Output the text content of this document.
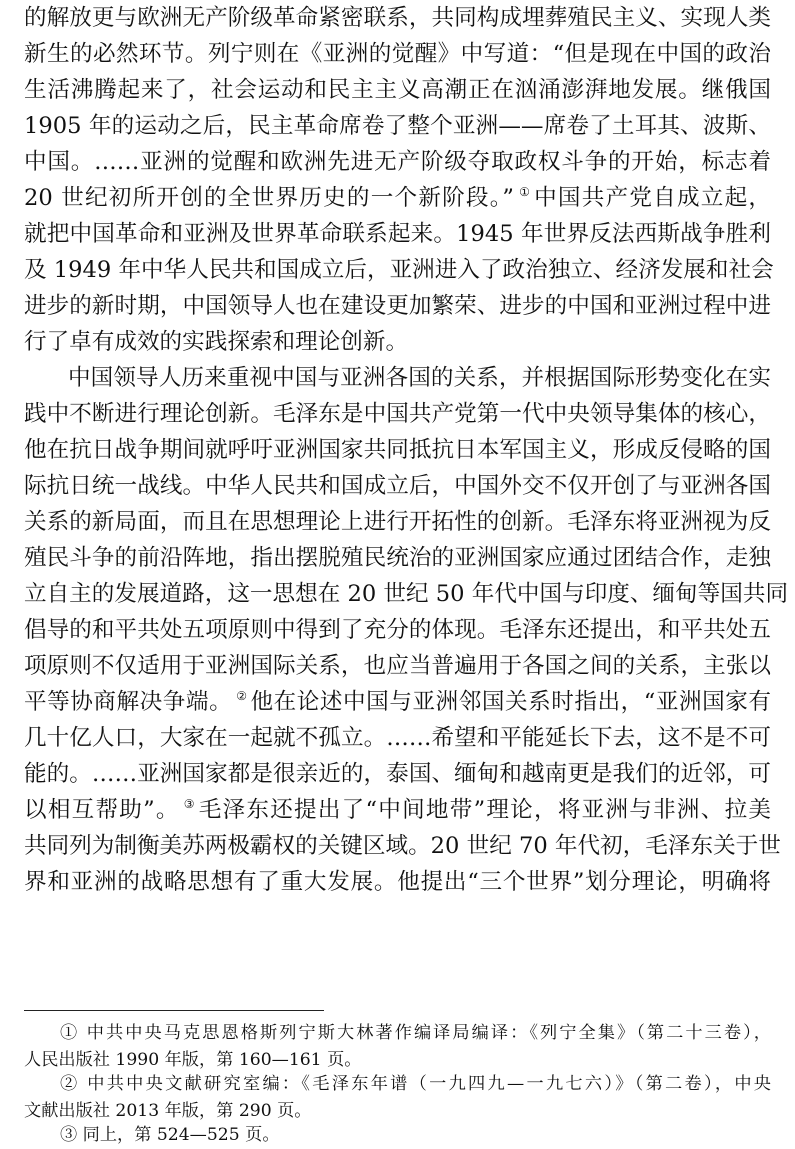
的解放更与欧洲无产阶级革命紧密联系，共同构成埋葬殖民主义、实现人类
新生的必然环节。列宁则在《亚洲的觉醒》中写道：“但是现在中国的政治
生活沸腾起来了，社会运动和民主主义高潮正在汹涌澎湃地发展。继俄国
1905 年的运动之后，民主革命席卷了整个亚洲——席卷了土耳其、波斯、
中国。……亚洲的觉醒和欧洲先进无产阶级夺取政权斗争的开始，标志着
20 世纪初所开创的全世界历史的一个新阶段。” ① 中国共产党自成立起，
就把中国革命和亚洲及世界革命联系起来。1945 年世界反法西斯战争胜利
及 1949 年中华人民共和国成立后，亚洲进入了政治独立、经济发展和社会
进步的新时期，中国领导人也在建设更加繁荣、进步的中国和亚洲过程中进
行了卓有成效的实践探索和理论创新。
中国领导人历来重视中国与亚洲各国的关系，并根据国际形势变化在实
践中不断进行理论创新。毛泽东是中国共产党第一代中央领导集体的核心，
他在抗日战争期间就呼吁亚洲国家共同抵抗日本军国主义，形成反侵略的国
际抗日统一战线。中华人民共和国成立后，中国外交不仅开创了与亚洲各国
关系的新局面，而且在思想理论上进行开拓性的创新。毛泽东将亚洲视为反
殖民斗争的前沿阵地，指出摆脱殖民统治的亚洲国家应通过团结合作，走独
立自主的发展道路，这一思想在 20 世纪 50 年代中国与印度、缅甸等国共同
倡导的和平共处五项原则中得到了充分的体现。毛泽东还提出，和平共处五
项原则不仅适用于亚洲国际关系，也应当普遍用于各国之间的关系，主张以
平等协商解决争端。 ② 他在论述中国与亚洲邻国关系时指出，“亚洲国家有
几十亿人口，大家在一起就不孤立。……希望和平能延长下去，这不是不可
能的。……亚洲国家都是很亲近的，泰国、缅甸和越南更是我们的近邻，可
以相互帮助”。 ③ 毛泽东还提出了“中间地带”理论，将亚洲与非洲、拉美
共同列为制衡美苏两极霸权的关键区域。20 世纪 70 年代初，毛泽东关于世
界和亚洲的战略思想有了重大发展。他提出“三个世界”划分理论，明确将
① 中共中央马克思恩格斯列宁斯大林著作编译局编译：《列宁全集》（第二十三卷），
人民出版社 1990 年版，第 160—161 页。
② 中共中央文献研究室编：《毛泽东年谱（一九四九—一九七六）》（第二卷），中央
文献出版社 2013 年版，第 290 页。
③ 同上，第 524—525 页。
